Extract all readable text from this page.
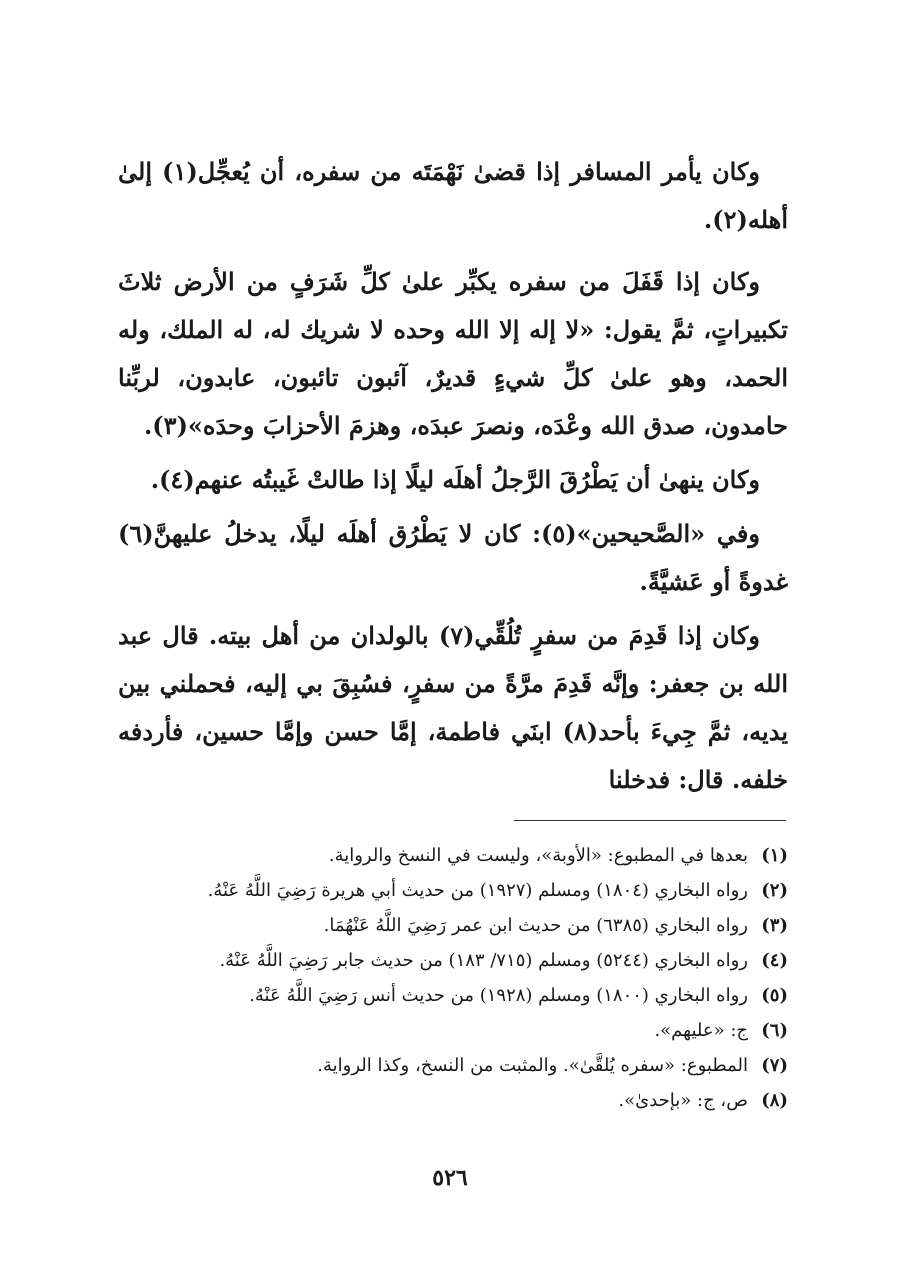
وكان يأمر المسافر إذا قضىٰ نَهْمَتَه من سفره، أن يُعجِّل(١) إلىٰ أهله(٢).

وكان إذا قَفَلَ من سفره يكبِّر علىٰ كلِّ شَرَفٍ من الأرض ثلاثَ تكبيراتٍ، ثمَّ يقول: «لا إله إلا الله وحده لا شريك له، له الملك، وله الحمد، وهو علىٰ كلِّ شيءٍ قديرٌ، آئبون تائبون، عابدون، لربِّنا حامدون، صدق الله وعْدَه، ونصرَ عبدَه، وهزمَ الأحزابَ وحدَه»(٣).

وكان ينهىٰ أن يَطْرُقَ الرَّجلُ أهلَه ليلًا إذا طالتْ غَيبتُه عنهم(٤).

وفي «الصَّحيحين»(٥): كان لا يَطْرُق أهلَه ليلًا، يدخلُ عليهنَّ(٦) غدوةً أو عَشيَّةً.

وكان إذا قَدِمَ من سفرٍ تُلُقِّي(٧) بالولدان من أهل بيته. قال عبد الله بن جعفر: وإنَّه قَدِمَ مرَّةً من سفرٍ، فسُبِقَ بي إليه، فحملني بين يديه، ثمَّ جِيءَ بأحد(٨) ابنَي فاطمة، إمَّا حسن وإمَّا حسين، فأردفه خلفه. قال: فدخلنا

(١)
بعدها في المطبوع: «الأوبة»، وليست في النسخ والرواية.
(٢)
رواه البخاري (١٨٠٤) ومسلم (١٩٢٧) من حديث أبي هريرة رَضِيَ اللَّهُ عَنْهُ.
(٣)
رواه البخاري (٦٣٨٥) من حديث ابن عمر رَضِيَ اللَّهُ عَنْهُمَا.
(٤)
رواه البخاري (٥٢٤٤) ومسلم (٧١٥/ ١٨٣) من حديث جابر رَضِيَ اللَّهُ عَنْهُ.
(٥)
رواه البخاري (١٨٠٠) ومسلم (١٩٢٨) من حديث أنس رَضِيَ اللَّهُ عَنْهُ.
(٦)
ج: «عليهم».
(٧)
المطبوع: «سفره يُلقَّىٰ». والمثبت من النسخ، وكذا الرواية.
(٨)
ص، ج: «بإحدىٰ».
٥٢٦
